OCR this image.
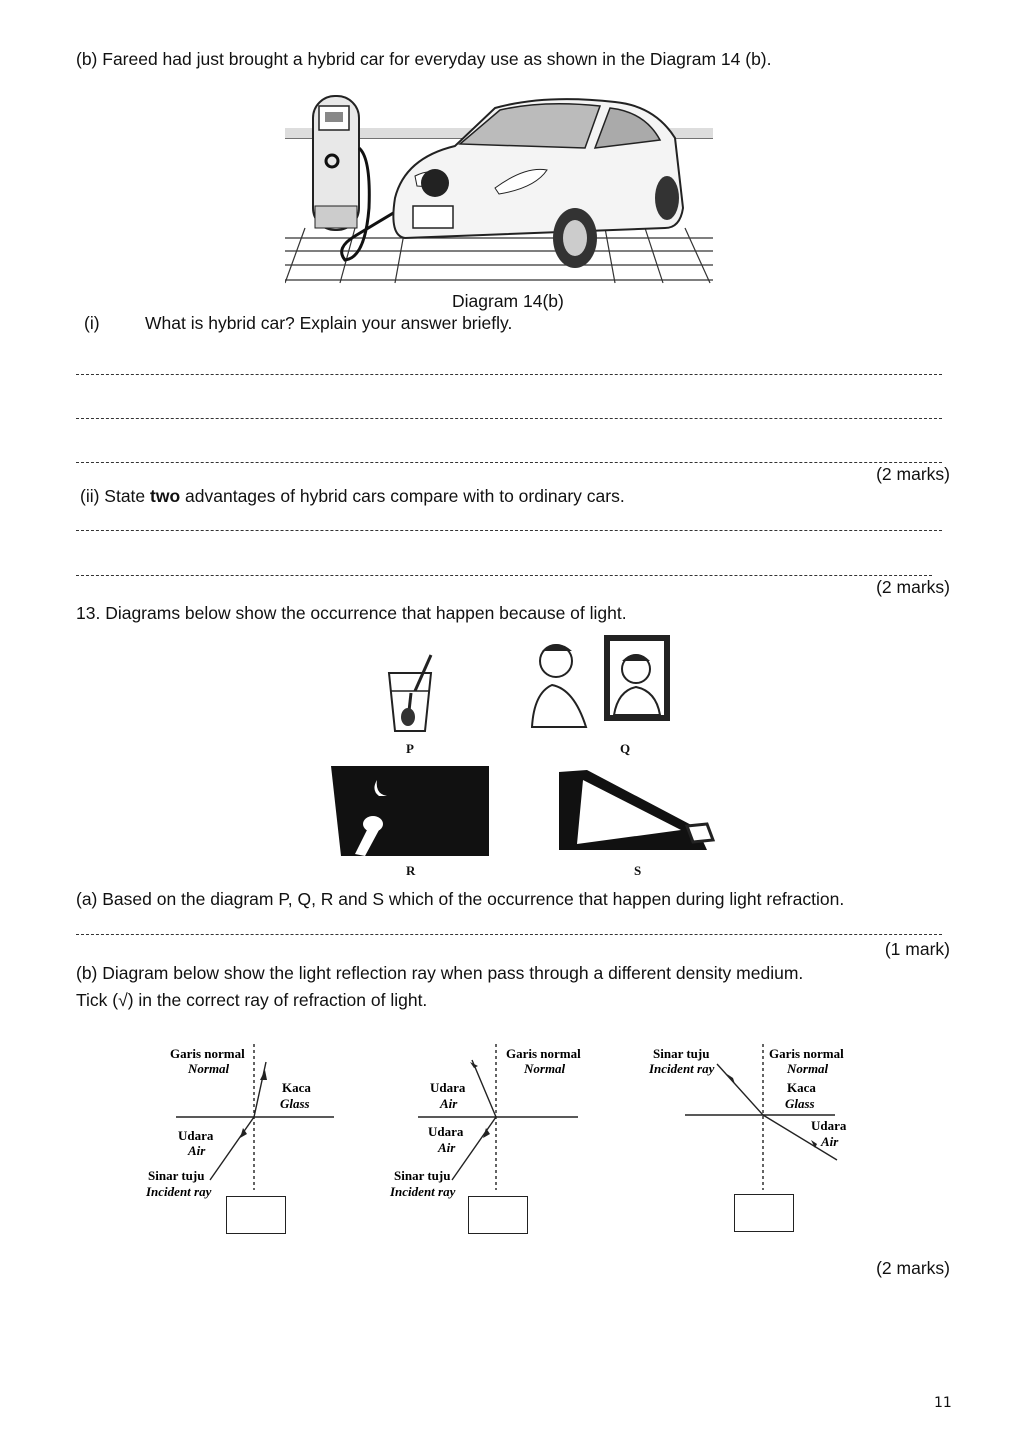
(b) Fareed had just brought a hybrid car for everyday use as shown in the Diagram 14 (b).
Diagram 14(b)
(i)	What is hybrid car? Explain your answer briefly.
(2 marks)
(ii) State two advantages of hybrid cars compare with to ordinary cars.
(2 marks)
13. Diagrams below show the occurrence that happen because of light.
P	Q
R	S
(a) Based on the diagram P, Q, R and S which of the occurrence that happen during light refraction.
(1 mark)
(b) Diagram below show the light reflection ray when pass through a different density medium.
Tick (√) in the correct ray of refraction of light.
Garis normal
Normal
Kaca
Glass
Udara
Air
Sinar tuju
Incident ray
Garis normal
Normal
Udara
Air
Udara
Air
Sinar tuju
Incident ray
Sinar tuju
Incident ray
Garis normal
Normal
Kaca
Glass
Udara
Air
(2 marks)
11
